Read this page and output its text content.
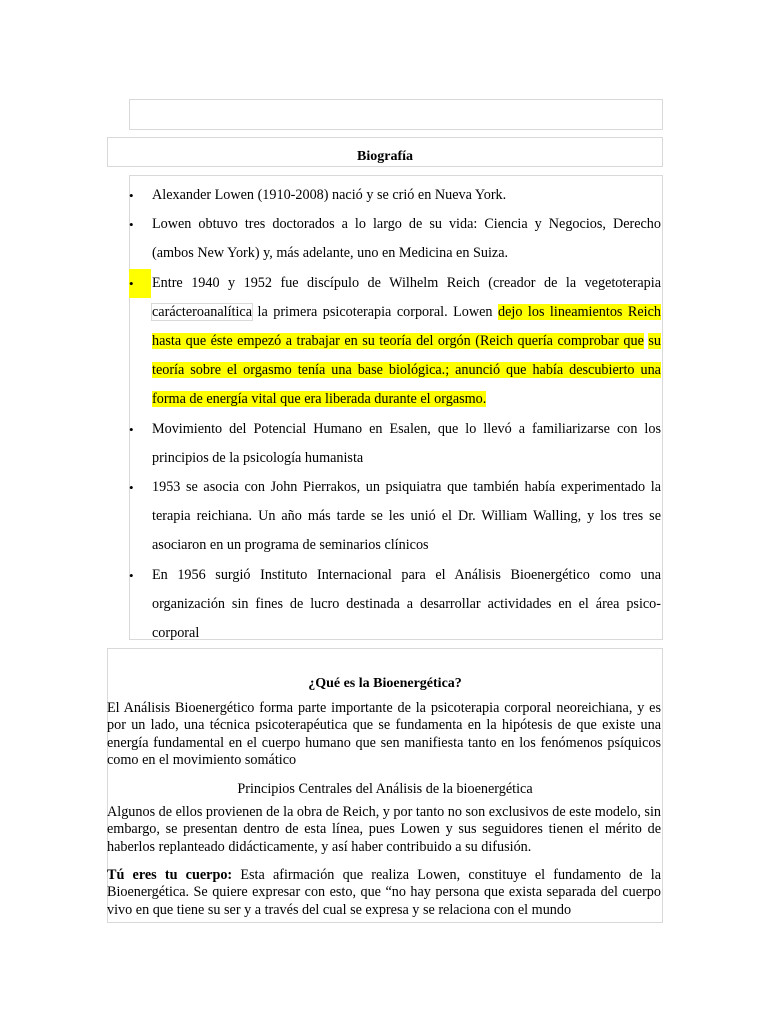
Biografía
•	Alexander Lowen (1910-2008) nació y se crió en Nueva York.
•	Lowen obtuvo tres doctorados a lo largo de su vida: Ciencia y Negocios, Derecho (ambos New York) y, más adelante, uno en Medicina en Suiza.
•	Entre 1940 y 1952 fue discípulo de Wilhelm Reich (creador de la vegetoterapia carácteroanalítica la primera psicoterapia corporal. Lowen dejo los lineamientos Reich hasta que éste empezó a trabajar en su teoría del orgón (Reich quería comprobar que su teoría sobre el orgasmo tenía una base biológica.; anunció que había descubierto una forma de energía vital que era liberada durante el orgasmo.
•	Movimiento del Potencial Humano en Esalen, que lo llevó a familiarizarse con los principios de la psicología humanista
•	1953 se asocia con John Pierrakos, un psiquiatra que también había experimentado la terapia reichiana. Un año más tarde se les unió el Dr. William Walling, y los tres se asociaron en un programa de seminarios clínicos
•	En 1956 surgió Instituto Internacional para el Análisis Bioenergético como una organización sin fines de lucro destinada a desarrollar actividades en el área psico-corporal
¿Qué es la Bioenergética?

El Análisis Bioenergético forma parte importante de la psicoterapia corporal neoreichiana, y es por un lado, una técnica psicoterapéutica que se fundamenta en la hipótesis de que existe una energía fundamental en el cuerpo humano que sen manifiesta tanto en los fenómenos psíquicos como en el movimiento somático

Principios Centrales del Análisis de la bioenergética

Algunos de ellos provienen de la obra de Reich, y por tanto no son exclusivos de este modelo, sin embargo, se presentan dentro de esta línea, pues Lowen y sus seguidores tienen el mérito de haberlos replanteado didácticamente, y así haber contribuido a su difusión.

Tú eres tu cuerpo: Esta afirmación que realiza Lowen, constituye el fundamento de la Bioenergética. Se quiere expresar con esto, que “no hay persona que exista separada del cuerpo vivo en que tiene su ser y a través del cual se expresa y se relaciona con el mundo
